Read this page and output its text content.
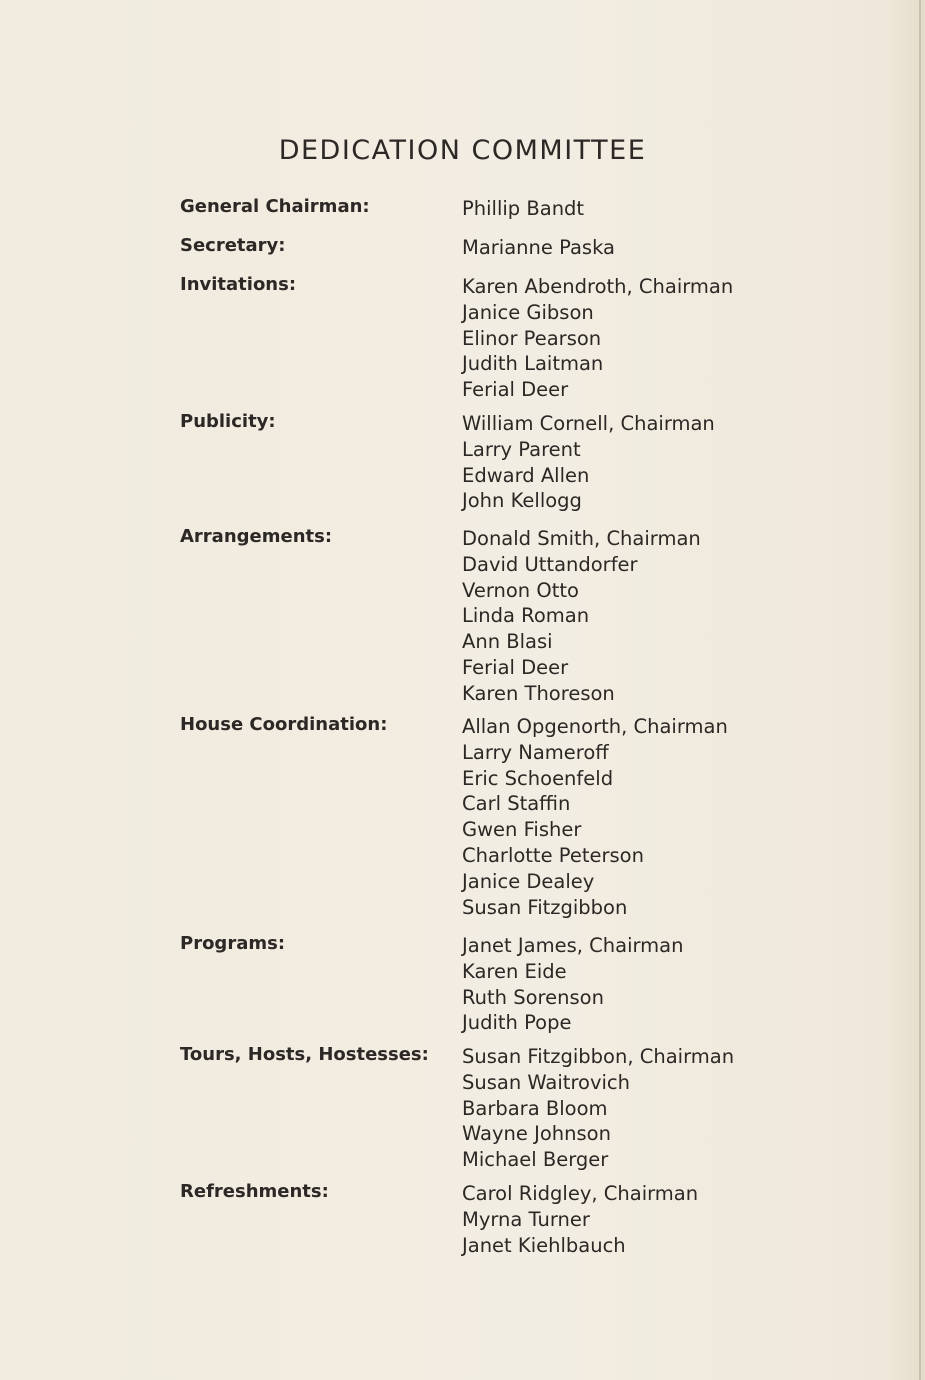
DEDICATION COMMITTEE
General Chairman:	Phillip Bandt
Secretary:	Marianne Paska
Invitations:	Karen Abendroth, Chairman
Janice Gibson
Elinor Pearson
Judith Laitman
Ferial Deer
Publicity:	William Cornell, Chairman
Larry Parent
Edward Allen
John Kellogg
Arrangements:	Donald Smith, Chairman
David Uttandorfer
Vernon Otto
Linda Roman
Ann Blasi
Ferial Deer
Karen Thoreson
House Coordination:	Allan Opgenorth, Chairman
Larry Nameroff
Eric Schoenfeld
Carl Staffin
Gwen Fisher
Charlotte Peterson
Janice Dealey
Susan Fitzgibbon
Programs:	Janet James, Chairman
Karen Eide
Ruth Sorenson
Judith Pope
Tours, Hosts, Hostesses: Susan Fitzgibbon, Chairman
Susan Waitrovich
Barbara Bloom
Wayne Johnson
Michael Berger
Refreshments:	Carol Ridgley, Chairman
Myrna Turner
Janet Kiehlbauch
